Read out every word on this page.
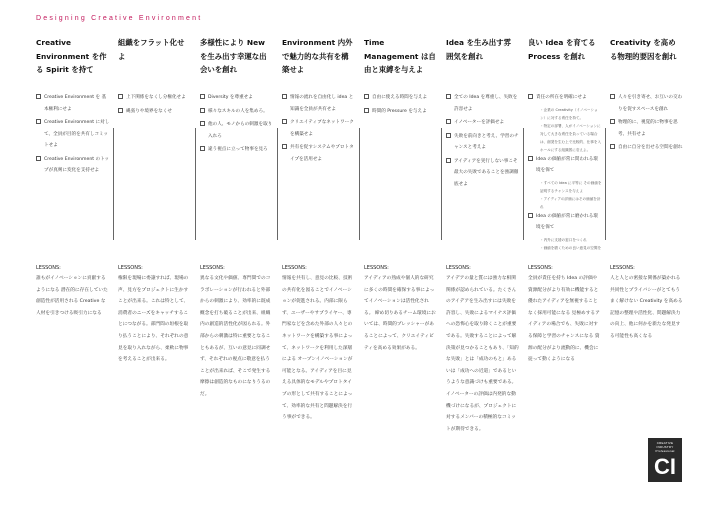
Designing Creative Environment
Creative Environment を作る Spirit を持て
Creative Environment を 基本権利にせよ
Creative Environment に対して、全員が目的を共有しコミットせよ
Creative Environment のトップが真剣に変化を支持せよ
LESSONS:
誰もがイノベーションに貢献するようになる 潜在的に存在していた創造性が活用される Creative な人材を引きつける吸引力になる
組織をフラット化せよ
上下関係をなくし分権化せよ
縄張りや境界をなくせ
LESSONS:
権限を現場に委譲すれば、現場の声、見方をプロジェクトに生かすことが出来る。これは特として、消費者のニーズをキャッチすることにつながる。部門間の垣根を取り払うことにより、それぞれの意見を取り入れながら、柔軟に物事を考えることが出来る。
多様性により New を生み出す幸運な出会いを創れ
Diversity を尊重せよ
様々なスキルの人を集めろ。
他の人、モノからの刺激を取り入れろ
違う視点に立って物事を見ろ
LESSONS:
異なる文化や価値、専門間でのコラボレーションが行われると外部からの刺激により、効率的に既成概念を打ち破ることが出来、組織内の創造的活性化が図られる。外部からの刺激は特に重要となることもあるが、互いの意見に同調せず、それぞれの視点に敬意を払うことが出来れば、そこで発生する摩擦は創造的なものになりうるのだ。
Environment 内外で魅力的な共有を構築せよ
情報の流れを自由化し idea と知識を全員が共有せよ
クリエイティブなネットワークを構築せよ
共有を促すシステムやプロトタイプを活用せよ
LESSONS:
情報を共有し、意見の比較、技術の共有化を図ることでイノベーションが促進される。内部に限らず、ユーザーやサプライヤー、専門家などを含めた外部の人々とのネットワークを構築する事によって、ネットワークを利用した深層による オープンイノベーションが可能となる。アイディアを目に見える具体的なモデルやプロトタイプの形として共有することによって、効率的な共有と問題解決を行う事ができる。
Time Management は自由と束縛を与えよ
自由に使える時間を与えよ
時間的 Pressure を与えよ
LESSONS:
アイディアの熟成や個人的な研究に多くの時間を確保する事によってイノベーションは活性化される。 締め切りあるチーム環境においては、時間的プレッシャーがあることによって、クリエイティビティを高める効果がある。
Idea を生み出す雰囲気を創れ
全ての Idea を尊重し、失敗を許容せよ
イノベーターを評価せよ
失敗を前向きと考え、学習のチャンスと考えよ
アイディアを実行しない事こそ最大の失敗であることを強調徹底せよ
LESSONS:
アイデアの量と質には強力な相関関係が認められている。たくさんのアイデアを生み出すには失敗を許容し、失敗によるマイナス評価への恐怖心を取り除くことが重要である。失敗することによって解決策が見つかることもあり、「知的な失敗」とは「成功のもと」あるいは「成功への近道」であるというような意識づけも重要である。イノベーターの評価は内発的な動機づけになるが、プロジェクトに対するメンバーの積極的なコミットが期待できる。
良い Idea を育てる Process を創れ
責任の所在を明確にせよ
・企業の Creativity（イノベーション）に対する責任を持て。
・特定の部署、人がイノベーションに対して大きな責任を負っている場合は、創発を生む上で比較的、仕事を入ホールにする組織図に変えよ。
Idea の価値が常に問われる環境を保て
・すべての Idea に平等に その価値を証明するチャンスを与えよ
・アイディアの評価にはその価値を計れ
Idea の価値が常に磨かれる環境を保て
・内外に支援の窓口をつくれ
・価値を磨くための良い意見の空間を
LESSONS:
全員が責任を持ち Idea の評価や資源配分がより有効に機能すると優れたアイディアを無視することなく採用可能になる 見極めするアイディアの場合でも、失敗に対する保障と学習のチャンスになる 資源の配分がより流動的に、機会に従って動くようになる
Creativity を高める物理的要因を創れ
人々を引き寄せ、お互いの交わりを促すスペースを創れ
物理的に、視覚的に物事を思考、共有せよ
自由に自分を出せる空間を創れ
LESSONS:
人と人との密接な関係が築かれる 共同性とプライバシーがとてもうまく解けない Creativity を高める 記憶の整理や活性化、問題解決力の向上、他に何かを新たな発見する可能性も高くなる
CREATIVE INDUSTRY
Professional
CI
